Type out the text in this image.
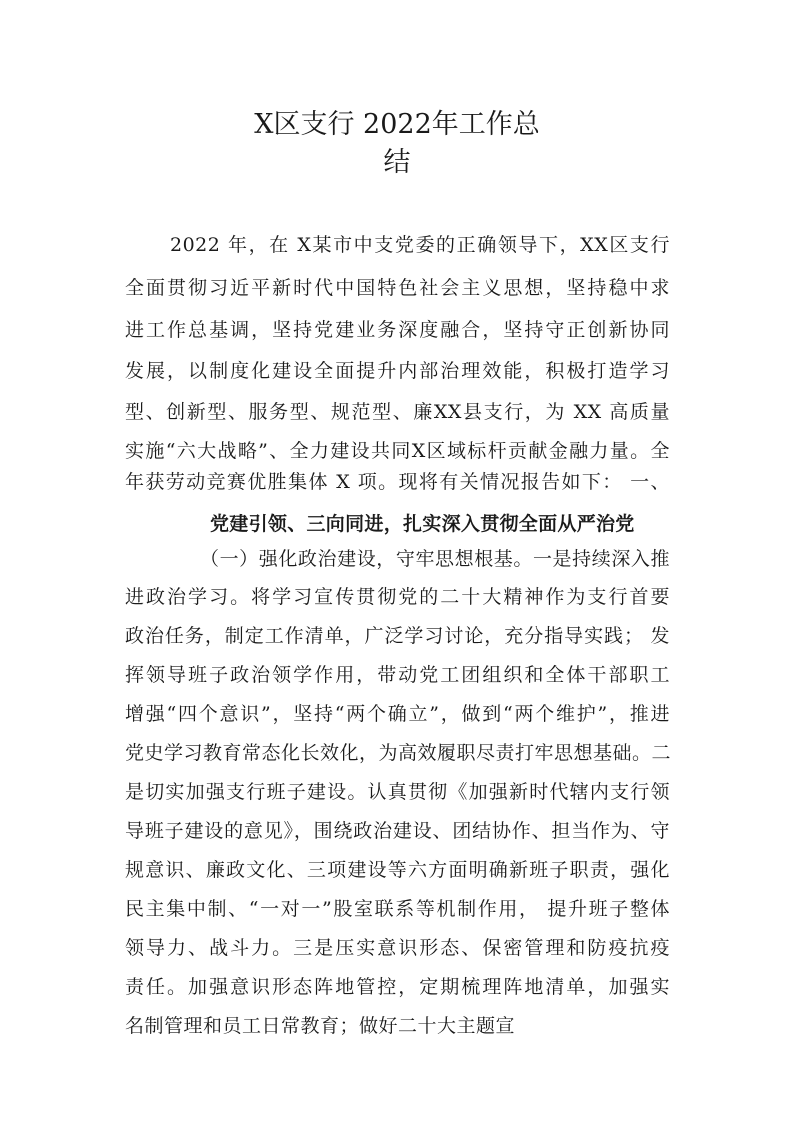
X区支行 2022年工作总
结
2022 年，在 X某市中支党委的正确领导下，XX区支行
全面贯彻习近平新时代中国特色社会主义思想，坚持稳中求
进工作总基调，坚持党建业务深度融合，坚持守正创新协同
发展，以制度化建设全面提升内部治理效能，积极打造学习
型、创新型、服务型、规范型、廉XX县支行，为 XX 高质量
实施“六大战略”、全力建设共同X区域标杆贡献金融力量。全
年获劳动竞赛优胜集体 X 项。现将有关情况报告如下： 一、
党建引领、三向同进，扎实深入贯彻全面从严治党
（一）强化政治建设，守牢思想根基。一是持续深入推
进政治学习。将学习宣传贯彻党的二十大精神作为支行首要
政治任务，制定工作清单，广泛学习讨论，充分指导实践； 发
挥领导班子政治领学作用，带动党工团组织和全体干部职工
增强“四个意识”，坚持“两个确立”，做到“两个维护”，推进
党史学习教育常态化长效化，为高效履职尽责打牢思想基础。二
是切实加强支行班子建设。认真贯彻《加强新时代辖内支行领
导班子建设的意见》，围绕政治建设、团结协作、担当作为、守
规意识、廉政文化、三项建设等六方面明确新班子职责，强化
民主集中制、“一对一”股室联系等机制作用， 提升班子整体
领导力、战斗力。三是压实意识形态、保密管理和防疫抗疫
责任。加强意识形态阵地管控，定期梳理阵地清单，加强实
名制管理和员工日常教育；做好二十大主题宣
